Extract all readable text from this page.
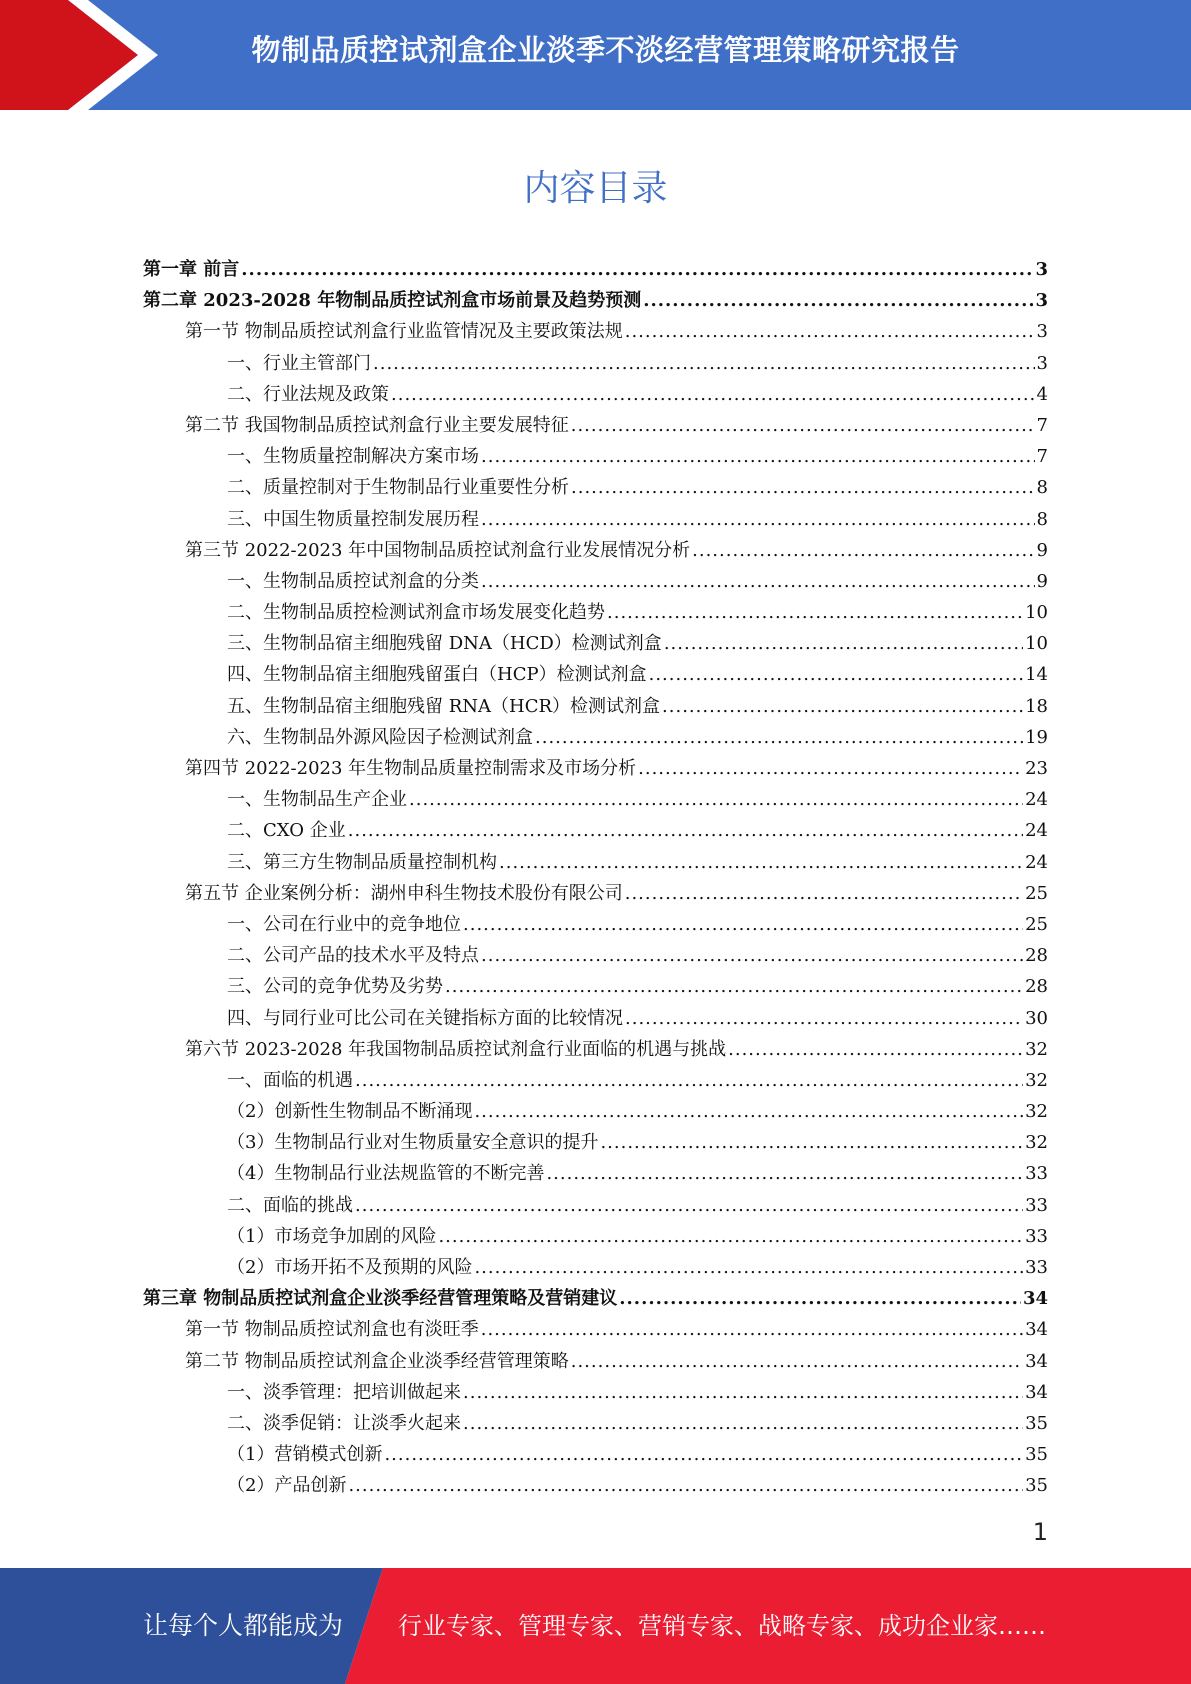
物制品质控试剂盒企业淡季不淡经营管理策略研究报告
内容目录
第一章 前言 .....	3
第二章 2023-2028 年物制品质控试剂盒市场前景及趋势预测 .....	3
第一节 物制品质控试剂盒行业监管情况及主要政策法规 .....	3
一、行业主管部门 .....	3
二、行业法规及政策 .....	4
第二节 我国物制品质控试剂盒行业主要发展特征 .....	7
一、生物质量控制解决方案市场 .....	7
二、质量控制对于生物制品行业重要性分析 .....	8
三、中国生物质量控制发展历程 .....	8
第三节 2022-2023 年中国物制品质控试剂盒行业发展情况分析 .....	9
一、生物制品质控试剂盒的分类 .....	9
二、生物制品质控检测试剂盒市场发展变化趋势 .....	10
三、生物制品宿主细胞残留 DNA（HCD）检测试剂盒 .....	10
四、生物制品宿主细胞残留蛋白（HCP）检测试剂盒 .....	14
五、生物制品宿主细胞残留 RNA（HCR）检测试剂盒 .....	18
六、生物制品外源风险因子检测试剂盒 .....	19
第四节 2022-2023 年生物制品质量控制需求及市场分析 .....	23
一、生物制品生产企业 .....	24
二、CXO 企业 .....	24
三、第三方生物制品质量控制机构 .....	24
第五节 企业案例分析：湖州申科生物技术股份有限公司 .....	25
一、公司在行业中的竞争地位 .....	25
二、公司产品的技术水平及特点 .....	28
三、公司的竞争优势及劣势 .....	28
四、与同行业可比公司在关键指标方面的比较情况 .....	30
第六节 2023-2028 年我国物制品质控试剂盒行业面临的机遇与挑战 .....	32
一、面临的机遇 .....	32
（2）创新性生物制品不断涌现 .....	32
（3）生物制品行业对生物质量安全意识的提升 .....	32
（4）生物制品行业法规监管的不断完善 .....	33
二、面临的挑战 .....	33
（1）市场竞争加剧的风险 .....	33
（2）市场开拓不及预期的风险 .....	33
第三章 物制品质控试剂盒企业淡季经营管理策略及营销建议 .....	34
第一节 物制品质控试剂盒也有淡旺季 .....	34
第二节 物制品质控试剂盒企业淡季经营管理策略 .....	34
一、淡季管理：把培训做起来 .....	34
二、淡季促销：让淡季火起来 .....	35
（1）营销模式创新 .....	35
（2）产品创新 .....	35
1
让每个人都能成为 行业专家、管理专家、营销专家、战略专家、成功企业家……
